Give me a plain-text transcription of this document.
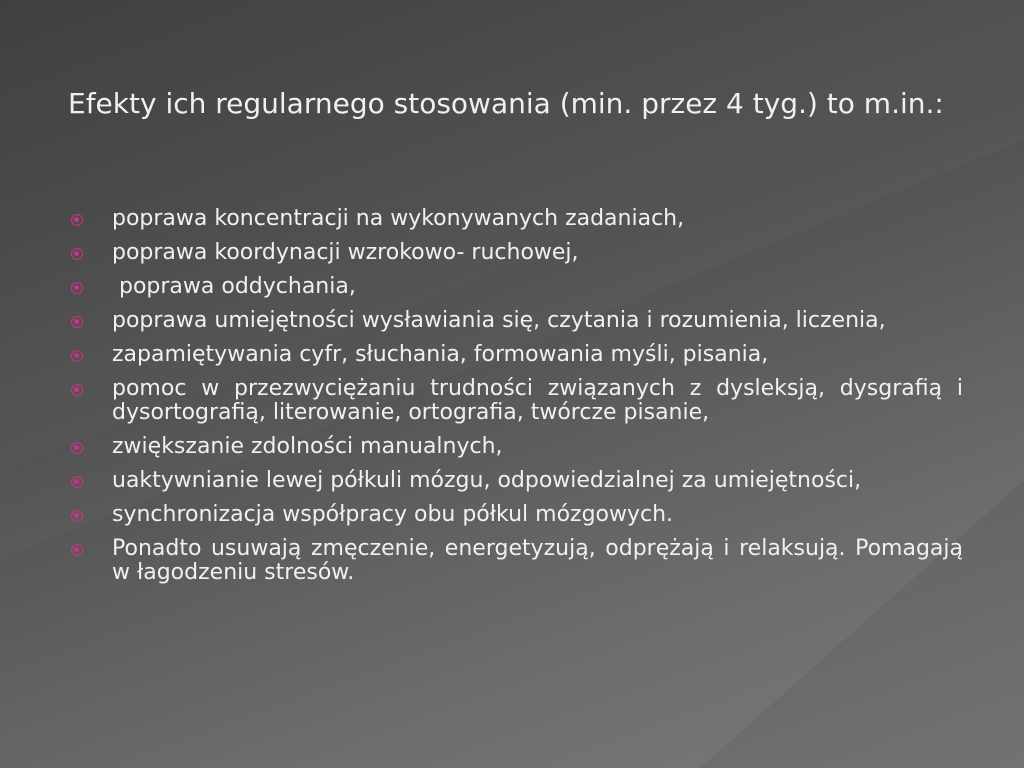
Efekty ich regularnego stosowania (min. przez 4 tyg.) to m.in.:
poprawa koncentracji na wykonywanych zadaniach,
poprawa koordynacji wzrokowo- ruchowej,
poprawa oddychania,
poprawa umiejętności wysławiania się, czytania i rozumienia, liczenia,
zapamiętywania cyfr, słuchania, formowania myśli, pisania,
pomoc w przezwyciężaniu trudności związanych z dysleksją, dysgrafią i dysortografią, literowanie, ortografia, twórcze pisanie,
zwiększanie zdolności manualnych,
uaktywnianie lewej półkuli mózgu, odpowiedzialnej za umiejętności,
synchronizacja współpracy obu półkul mózgowych.
Ponadto usuwają zmęczenie, energetyzują, odprężają i relaksują. Pomagają w łagodzeniu stresów.
